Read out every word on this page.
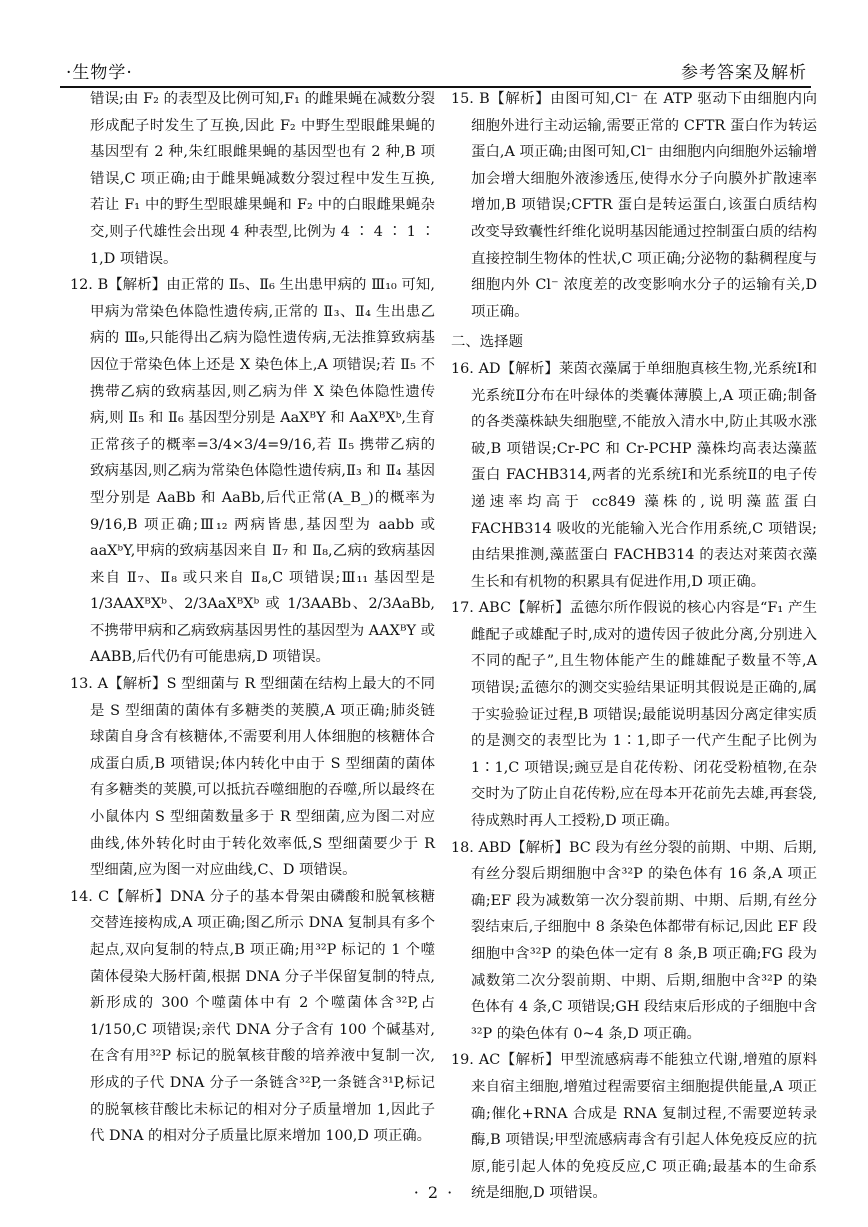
·生物学·	参考答案及解析

错误;由 F₂ 的表型及比例可知,F₁ 的雌果蝇在减数分裂形成配子时发生了互换,因此 F₂ 中野生型眼雌果蝇的基因型有 2 种,朱红眼雌果蝇的基因型也有 2 种,B 项错误,C 项正确;由于雌果蝇减数分裂过程中发生互换,若让 F₁ 中的野生型眼雄果蝇和 F₂ 中的白眼雌果蝇杂交,则子代雄性会出现 4 种表型,比例为 4 ∶ 4 ∶ 1 ∶ 1,D 项错误。

12. B【解析】由正常的 Ⅱ₅、Ⅱ₆ 生出患甲病的 Ⅲ₁₀ 可知,甲病为常染色体隐性遗传病,正常的 Ⅱ₃、Ⅱ₄ 生出患乙病的 Ⅲ₉,只能得出乙病为隐性遗传病,无法推算致病基因位于常染色体上还是 X 染色体上,A 项错误;若 Ⅱ₅ 不携带乙病的致病基因,则乙病为伴 X 染色体隐性遗传病,则 Ⅱ₅ 和 Ⅱ₆ 基因型分别是 AaXᴮY 和 AaXᴮXᵇ,生育正常孩子的概率=3/4×3/4=9/16,若 Ⅱ₅ 携带乙病的致病基因,则乙病为常染色体隐性遗传病,Ⅱ₃ 和 Ⅱ₄ 基因型分别是 AaBb 和 AaBb,后代正常(A_B_)的概率为 9/16,B 项正确;Ⅲ₁₂ 两病皆患,基因型为 aabb 或 aaXᵇY,甲病的致病基因来自 Ⅱ₇ 和 Ⅱ₈,乙病的致病基因来自 Ⅱ₇、Ⅱ₈ 或只来自 Ⅱ₈,C 项错误;Ⅲ₁₁ 基因型是 1/3AAXᴮXᵇ、2/3AaXᴮXᵇ 或 1/3AABb、2/3AaBb,不携带甲病和乙病致病基因男性的基因型为 AAXᴮY 或 AABB,后代仍有可能患病,D 项错误。

13. A【解析】S 型细菌与 R 型细菌在结构上最大的不同是 S 型细菌的菌体有多糖类的荚膜,A 项正确;肺炎链球菌自身含有核糖体,不需要利用人体细胞的核糖体合成蛋白质,B 项错误;体内转化中由于 S 型细菌的菌体有多糖类的荚膜,可以抵抗吞噬细胞的吞噬,所以最终在小鼠体内 S 型细菌数量多于 R 型细菌,应为图二对应曲线,体外转化时由于转化效率低,S 型细菌要少于 R 型细菌,应为图一对应曲线,C、D 项错误。

14. C【解析】DNA 分子的基本骨架由磷酸和脱氧核糖交替连接构成,A 项正确;图乙所示 DNA 复制具有多个起点,双向复制的特点,B 项正确;用³²P 标记的 1 个噬菌体侵染大肠杆菌,根据 DNA 分子半保留复制的特点,新形成的 300 个噬菌体中有 2 个噬菌体含³²P,占 1/150,C 项错误;亲代 DNA 分子含有 100 个碱基对,在含有用³²P 标记的脱氧核苷酸的培养液中复制一次,形成的子代 DNA 分子一条链含³²P,一条链含³¹P,标记的脱氧核苷酸比未标记的相对分子质量增加 1,因此子代 DNA 的相对分子质量比原来增加 100,D 项正确。

15. B【解析】由图可知,Cl⁻ 在 ATP 驱动下由细胞内向细胞外进行主动运输,需要正常的 CFTR 蛋白作为转运蛋白,A 项正确;由图可知,Cl⁻ 由细胞内向细胞外运输增加会增大细胞外液渗透压,使得水分子向膜外扩散速率增加,B 项错误;CFTR 蛋白是转运蛋白,该蛋白质结构改变导致囊性纤维化说明基因能通过控制蛋白质的结构直接控制生物体的性状,C 项正确;分泌物的黏稠程度与细胞内外 Cl⁻ 浓度差的改变影响水分子的运输有关,D 项正确。

二、选择题

16. AD【解析】莱茵衣藻属于单细胞真核生物,光系统Ⅰ和光系统Ⅱ分布在叶绿体的类囊体薄膜上,A 项正确;制备的各类藻株缺失细胞壁,不能放入清水中,防止其吸水涨破,B 项错误;Cr-PC 和 Cr-PCHP 藻株均高表达藻蓝蛋白 FACHB314,两者的光系统Ⅰ和光系统Ⅱ的电子传递速率均高于 cc849 藻株的,说明藻蓝蛋白 FACHB314 吸收的光能输入光合作用系统,C 项错误;由结果推测,藻蓝蛋白 FACHB314 的表达对莱茵衣藻生长和有机物的积累具有促进作用,D 项正确。

17. ABC【解析】孟德尔所作假说的核心内容是“F₁ 产生雌配子或雄配子时,成对的遗传因子彼此分离,分别进入不同的配子”,且生物体能产生的雌雄配子数量不等,A 项错误;孟德尔的测交实验结果证明其假说是正确的,属于实验验证过程,B 项错误;最能说明基因分离定律实质的是测交的表型比为 1∶1,即子一代产生配子比例为 1∶1,C 项错误;豌豆是自花传粉、闭花受粉植物,在杂交时为了防止自花传粉,应在母本开花前先去雄,再套袋,待成熟时再人工授粉,D 项正确。

18. ABD【解析】BC 段为有丝分裂的前期、中期、后期,有丝分裂后期细胞中含³²P 的染色体有 16 条,A 项正确;EF 段为减数第一次分裂前期、中期、后期,有丝分裂结束后,子细胞中 8 条染色体都带有标记,因此 EF 段细胞中含³²P 的染色体一定有 8 条,B 项正确;FG 段为减数第二次分裂前期、中期、后期,细胞中含³²P 的染色体有 4 条,C 项错误;GH 段结束后形成的子细胞中含³²P 的染色体有 0~4 条,D 项正确。

19. AC【解析】甲型流感病毒不能独立代谢,增殖的原料来自宿主细胞,增殖过程需要宿主细胞提供能量,A 项正确;催化+RNA 合成是 RNA 复制过程,不需要逆转录酶,B 项错误;甲型流感病毒含有引起人体免疫反应的抗原,能引起人体的免疫反应,C 项正确;最基本的生命系统是细胞,D 项错误。

· 2 ·
